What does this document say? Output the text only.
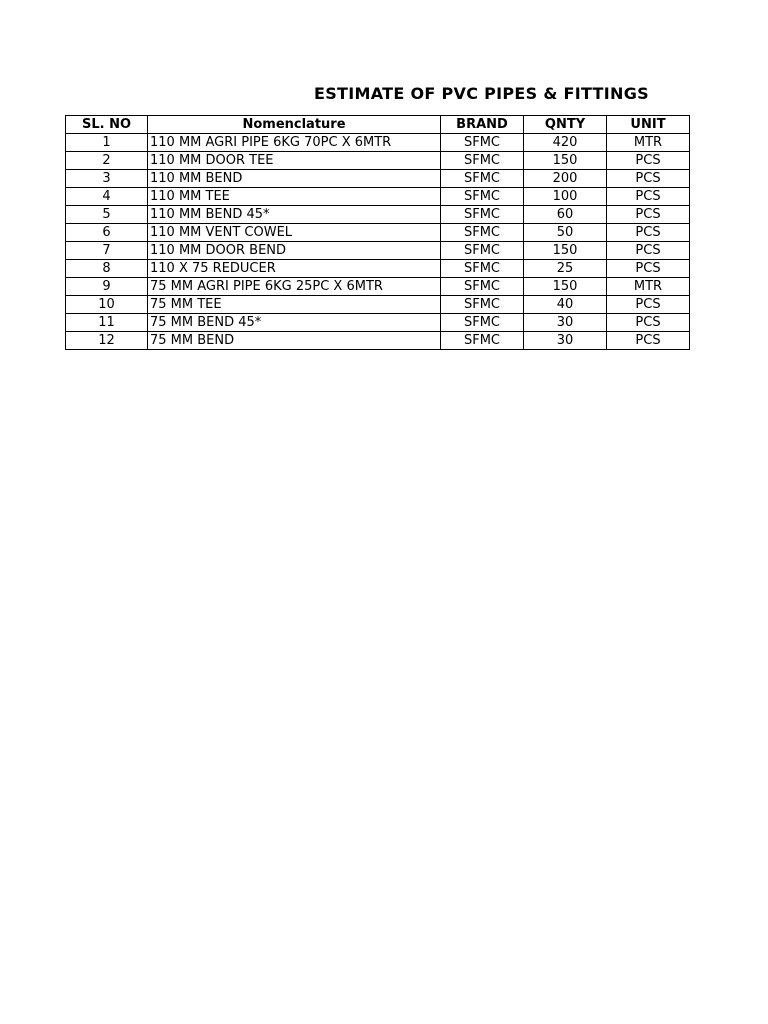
ESTIMATE OF PVC PIPES & FITTINGS
SL. NO	Nomenclature	BRAND	QNTY	UNIT
1	110 MM AGRI PIPE 6KG 70PC X 6MTR	SFMC	420	MTR
2	110 MM DOOR TEE	SFMC	150	PCS
3	110 MM BEND	SFMC	200	PCS
4	110 MM TEE	SFMC	100	PCS
5	110 MM BEND 45*	SFMC	60	PCS
6	110 MM VENT COWEL	SFMC	50	PCS
7	110 MM DOOR BEND	SFMC	150	PCS
8	110 X 75 REDUCER	SFMC	25	PCS
9	75 MM AGRI PIPE 6KG 25PC X 6MTR	SFMC	150	MTR
10	75 MM TEE	SFMC	40	PCS
11	75 MM BEND 45*	SFMC	30	PCS
12	75 MM BEND	SFMC	30	PCS
